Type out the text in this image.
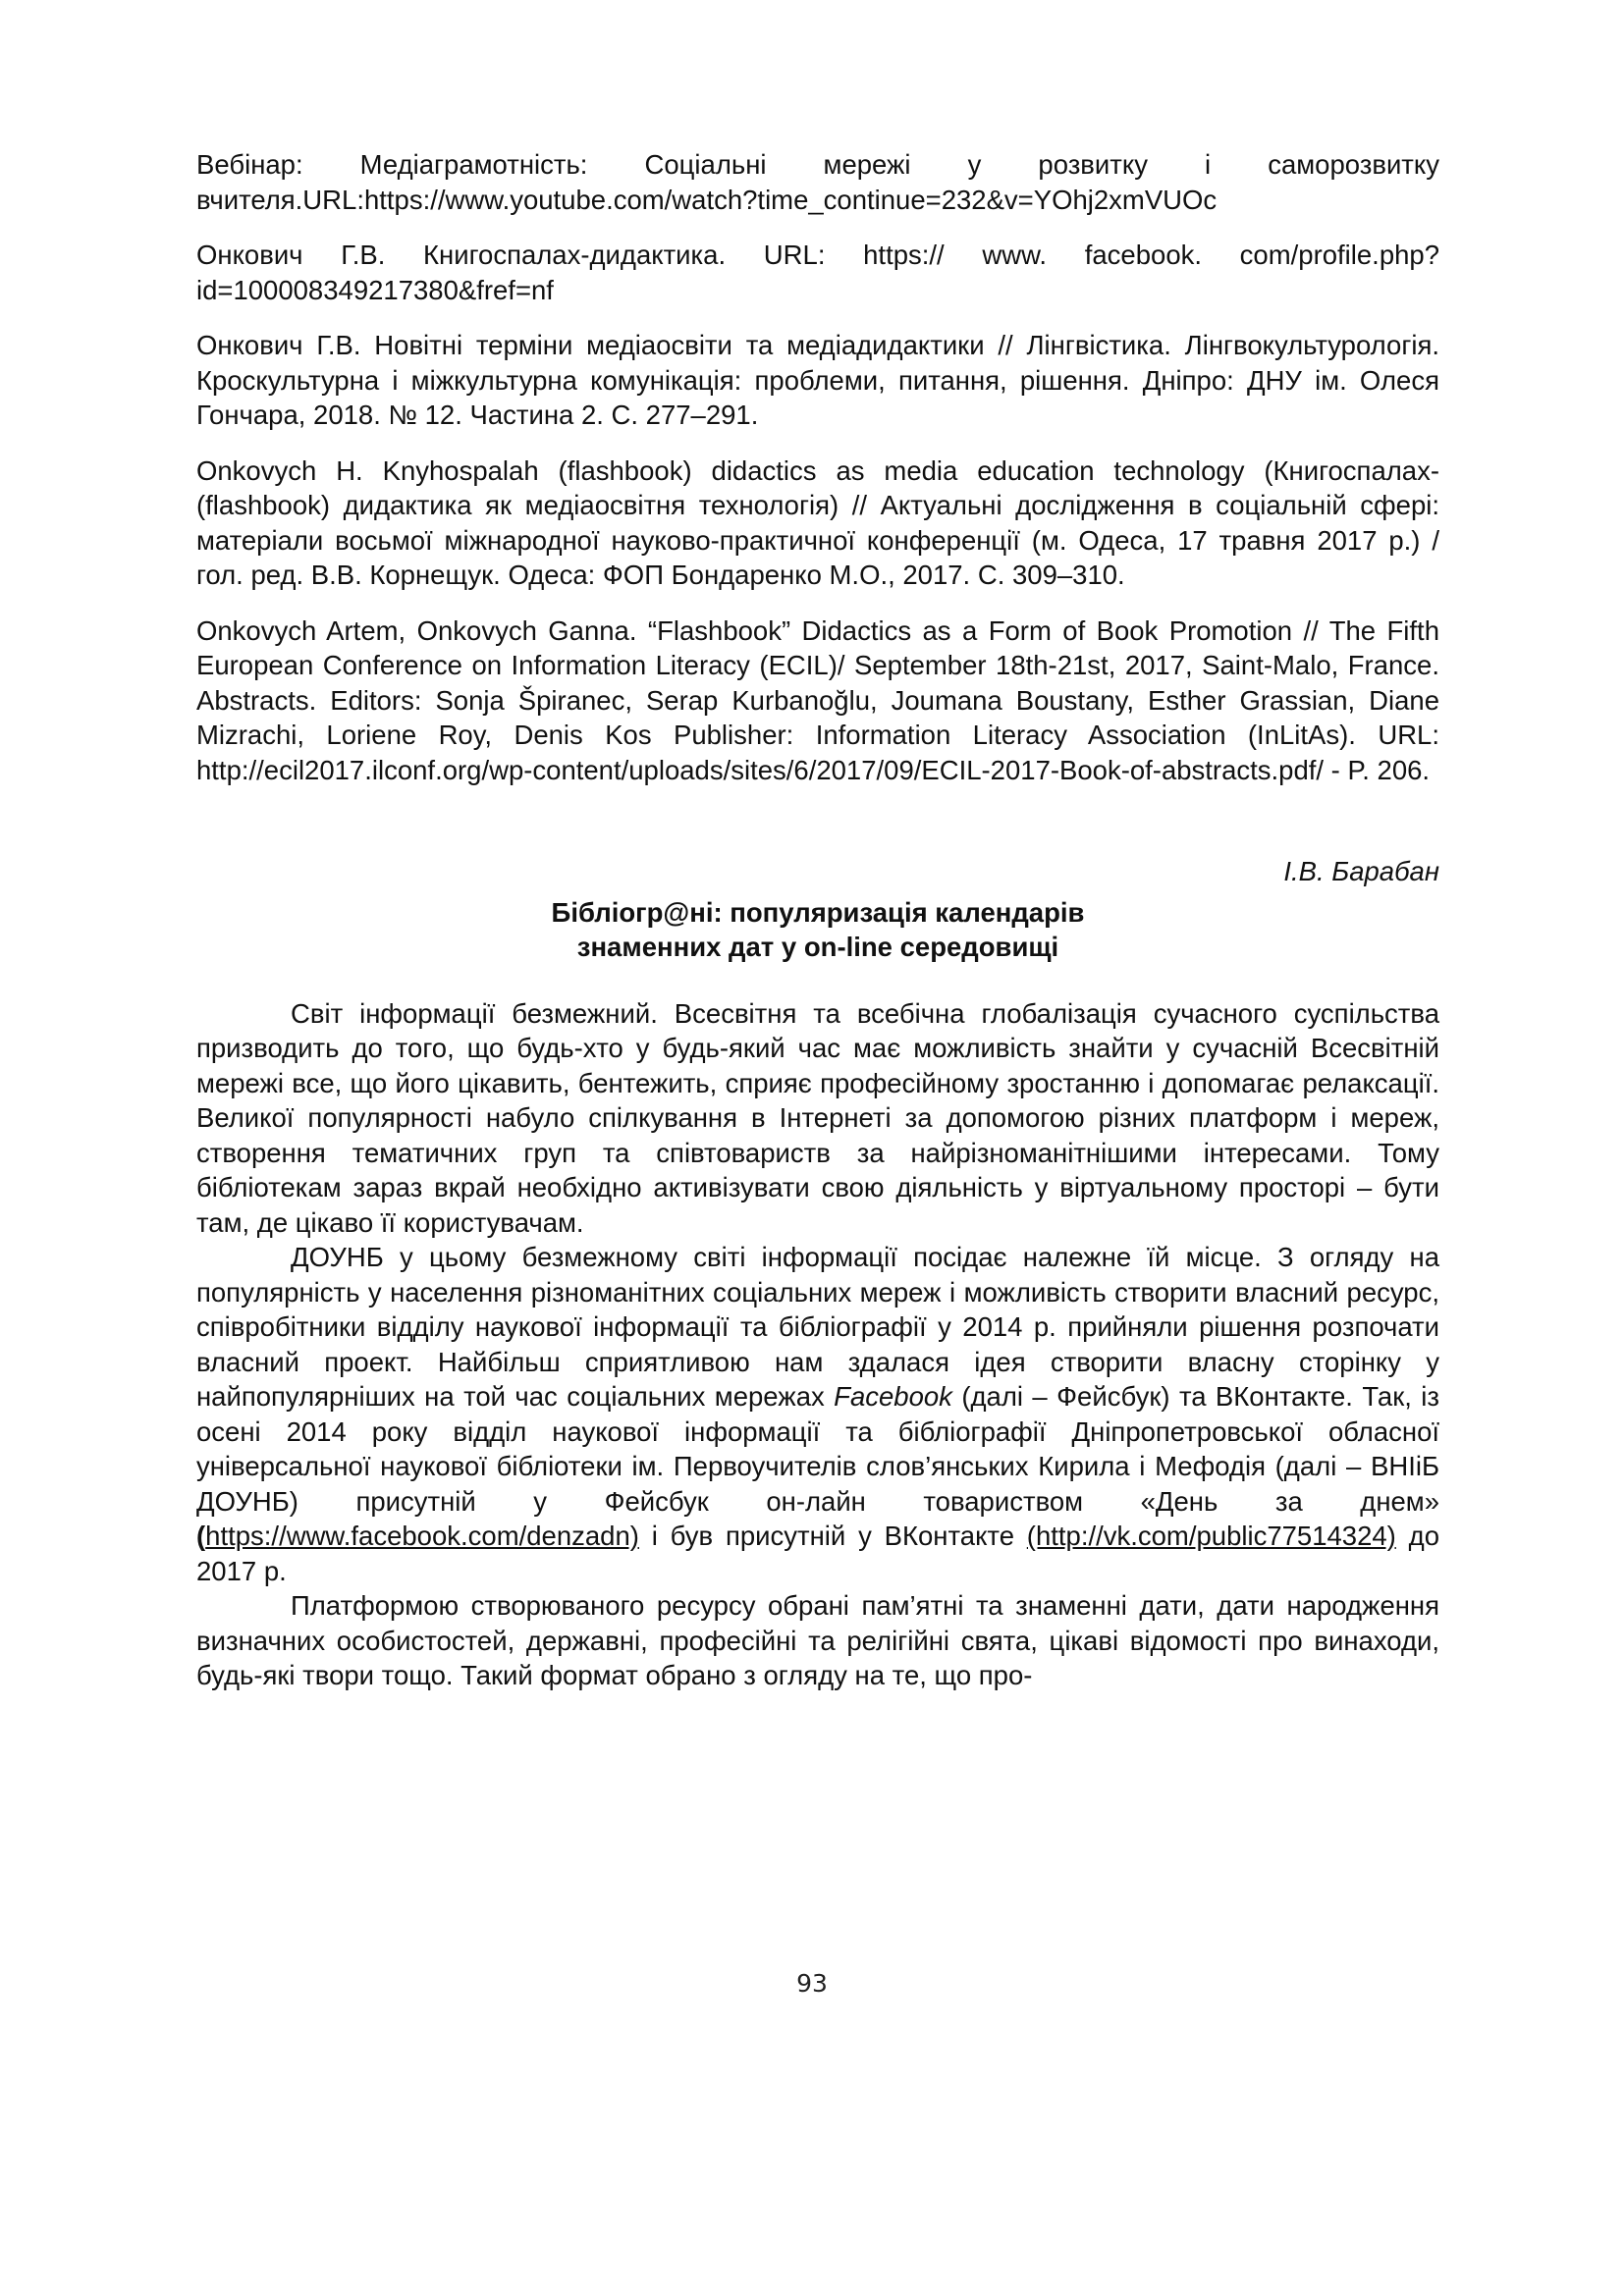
Вебінар: Медіаграмотність: Соціальні мережі у розвитку і саморозвитку вчителя.URL:https://www.youtube.com/watch?time_continue=232&v=YOhj2xmVUOc

Онкович Г.В. Книгоспалах-дидактика. URL: https:// www. facebook. com/profile.php?id=100008349217380&fref=nf

Онкович Г.В. Новітні терміни медіаосвіти та медіадидактики // Лінгвістика. Лінгвокультурологія. Кроскультурна і міжкультурна комунікація: проблеми, питання, рішення. Дніпро: ДНУ ім. Олеся Гончара, 2018. № 12. Частина 2. С. 277–291.

Onkovych H. Knyhospalah (flashbook) didactics as media education technology (Книгоспалах- (flashbook) дидактика як медіаосвітня технологія) // Актуальні дослідження в соціальній сфері: матеріали восьмої міжнародної науково-практичної конференції (м. Одеса, 17 травня 2017 р.) / гол. ред. В.В. Корнещук. Одеса: ФОП Бондаренко М.О., 2017. С. 309–310.

Onkovych Artem, Onkovych Ganna. “Flashbook” Didactics as a Form of Book Promotion // The Fifth European Conference on Information Literacy (ECIL)/ September 18th-21st, 2017, Saint-Malo, France. Abstracts. Editors: Sonja Špiranec, Serap Kurbanoğlu, Joumana Boustany, Esther Grassian, Diane Mizrachi, Loriene Roy, Denis Kos Publisher: Information Literacy Association (InLitAs). URL: http://ecil2017.ilconf.org/wp-content/uploads/sites/6/2017/09/ECIL-2017-Book-of-abstracts.pdf/ - P. 206.

І.В. Барабан
Бібліогр@ні: популяризація календарів
знаменних дат у on-line середовищі

Світ інформації безмежний. Всесвітня та всебічна глобалізація сучасного суспільства призводить до того, що будь-хто у будь-який час має можливість знайти у сучасній Всесвітній мережі все, що його цікавить, бентежить, сприяє професійному зростанню і допомагає релаксації. Великої популярності набуло спілкування в Інтернеті за допомогою різних платформ і мереж, створення тематичних груп та співтовариств за найрізноманітнішими інтересами. Тому бібліотекам зараз вкрай необхідно активізувати свою діяльність у віртуальному просторі – бути там, де цікаво її користувачам.

ДОУНБ у цьому безмежному світі інформації посідає належне їй місце. З огляду на популярність у населення різноманітних соціальних мереж і можливість створити власний ресурс, співробітники відділу наукової інформації та бібліографії у 2014 р. прийняли рішення розпочати власний проект. Найбільш сприятливою нам здалася ідея створити власну сторінку у найпопулярніших на той час соціальних мережах Facebook (далі – Фейсбук) та ВКонтакте. Так, із осені 2014 року відділ наукової інформації та бібліографії Дніпропетровської обласної універсальної наукової бібліотеки ім. Первоучителів слов’янських Кирила і Мефодія (далі – ВНІіБ ДОУНБ) присутній у Фейсбук он-лайн товариством «День за днем» (https://www.facebook.com/denzadn) і був присутній у ВКонтакте (http://vk.com/public77514324) до 2017 р.

Платформою створюваного ресурсу обрані пам’ятні та знаменні дати, дати народження визначних особистостей, державні, професійні та релігійні свята, цікаві відомості про винаходи, будь-які твори тощо. Такий формат обрано з огляду на те, що про-

93
